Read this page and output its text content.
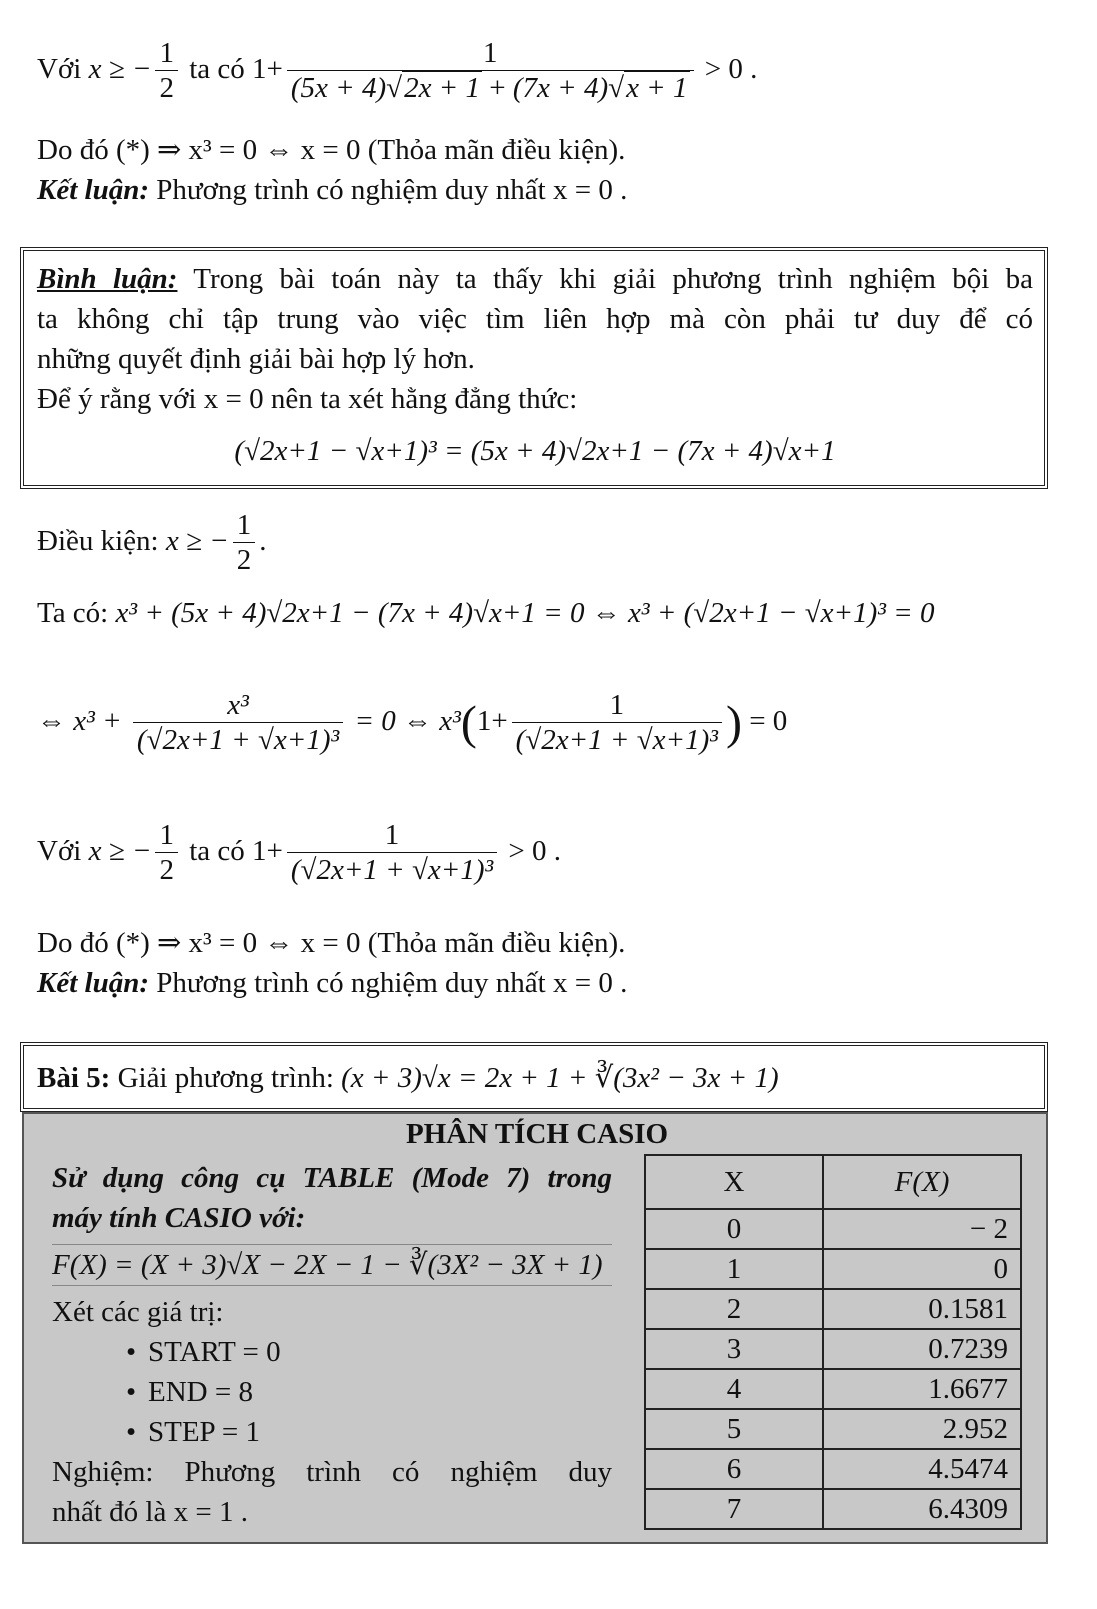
Với x ≥ − $\frac{1}{2}$ ta có $1+ \frac{1}{(5x + 4)√2x + 1 + (7x + 4)√x + 1} > 0$ .
Do đó (*) ⇒ x³ = 0 ⇔ x = 0 (Thỏa mãn điều kiện).
Kết luận: Phương trình có nghiệm duy nhất x = 0 .
Bình luận: Trong bài toán này ta thấy khi giải phương trình nghiệm bội ba
ta không chỉ tập trung vào việc tìm liên hợp mà còn phải tư duy để có
những quyết định giải bài hợp lý hơn.
Để ý rằng với x = 0 nên ta xét hằng đẳng thức:
(√2x+1 − √x+1)³ = (5x + 4)√2x+1 − (7x + 4)√x+1
Điều kiện: x ≥ − $\frac{1}{2}$ .
Ta có: x³ + (5x + 4)√2x+1 − (7x + 4)√x+1 = 0 ⇔ x³ + (√2x+1 − √x+1)³ = 0
⇔ $x^3 + \frac{\text{x³}}{\text{(√2x+1 + √x+1)³}} = 0$ ⇔ $x^3(1+ \frac{1}{\text{(√2x+1 + √x+1)³}}$ ) = 0
Với x ≥ − $\frac{1}{2}$ ta có $1+ \frac{1}{\text{(√2x+1 + √x+1)³}} > 0$ .
Do đó (*) ⇒ x³ = 0 ⇔ x = 0 (Thỏa mãn điều kiện).
Kết luận: Phương trình có nghiệm duy nhất x = 0 .
Bài 5: Giải phương trình: (x + 3)√x = 2x + 1 + ∛(3x² − 3x + 1)
PHÂN TÍCH CASIO
Sử dụng công cụ TABLE (Mode 7) trong
máy tính CASIO với:
F(X) = (X + 3)√X − 2X − 1 − ∛(3X² − 3X + 1)
Xét các giá trị:
• START = 0
• END = 8
• STEP = 1
Nghiệm: Phương trình có nghiệm duy
nhất đó là x = 1 .
X	F(X)
0	− 2
1	0
2	0.1581
3	0.7239
4	1.6677
5	2.952
6	4.5474
7	6.4309
